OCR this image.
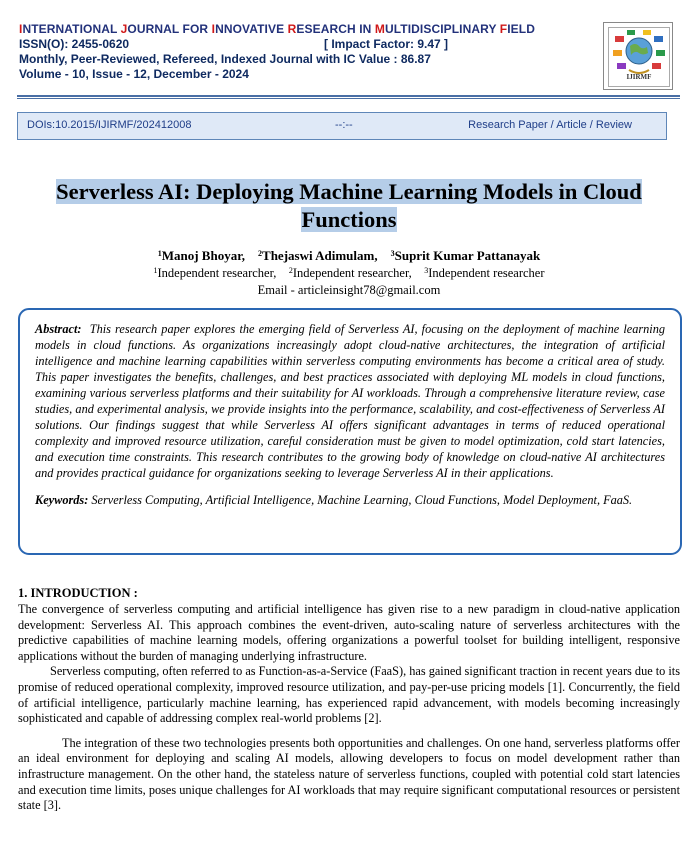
INTERNATIONAL JOURNAL FOR INNOVATIVE RESEARCH IN MULTIDISCIPLINARY FIELD
ISSN(O): 2455-0620	[ Impact Factor: 9.47 ]
Monthly, Peer-Reviewed, Refereed, Indexed Journal with IC Value : 86.87
Volume - 10, Issue - 12, December - 2024	IJIRMF
DOIs:10.2015/IJIRMF/202412008	--:--	Research Paper / Article / Review
Serverless AI: Deploying Machine Learning Models in Cloud
Functions
$^1$Manoj Bhoyar, $^2$Thejaswi Adimulam, $^3$Suprit Kumar Pattanayak
$^1$Independent researcher, $^2$Independent researcher, $^3$Independent researcher
Email - articleinsight78@gmail.com

Abstract: This research paper explores the emerging field of Serverless AI, focusing on the deployment of machine learning models in cloud functions. As organizations increasingly adopt cloud-native architectures, the integration of artificial intelligence and machine learning capabilities within serverless computing environments has become a critical area of study. This paper investigates the benefits, challenges, and best practices associated with deploying ML models in cloud functions, examining various serverless platforms and their suitability for AI workloads. Through a comprehensive literature review, case studies, and experimental analysis, we provide insights into the performance, scalability, and cost-effectiveness of Serverless AI solutions. Our findings suggest that while Serverless AI offers significant advantages in terms of reduced operational complexity and improved resource utilization, careful consideration must be given to model optimization, cold start latencies, and execution time constraints. This research contributes to the growing body of knowledge on cloud-native AI architectures and provides practical guidance for organizations seeking to leverage Serverless AI in their applications.

Keywords: Serverless Computing, Artificial Intelligence, Machine Learning, Cloud Functions, Model Deployment, FaaS.

1. INTRODUCTION :

The convergence of serverless computing and artificial intelligence has given rise to a new paradigm in cloud-native application development: Serverless AI. This approach combines the event-driven, auto-scaling nature of serverless architectures with the predictive capabilities of machine learning models, offering organizations a powerful toolset for building intelligent, responsive applications without the burden of managing underlying infrastructure.

Serverless computing, often referred to as Function-as-a-Service (FaaS), has gained significant traction in recent years due to its promise of reduced operational complexity, improved resource utilization, and pay-per-use pricing models [1]. Concurrently, the field of artificial intelligence, particularly machine learning, has experienced rapid advancement, with models becoming increasingly sophisticated and capable of addressing complex real-world problems [2].

The integration of these two technologies presents both opportunities and challenges. On one hand, serverless platforms offer an ideal environment for deploying and scaling AI models, allowing developers to focus on model development rather than infrastructure management. On the other hand, the stateless nature of serverless functions, coupled with potential cold start latencies and execution time limits, poses unique challenges for AI workloads that may require significant computational resources or persistent state [3].
